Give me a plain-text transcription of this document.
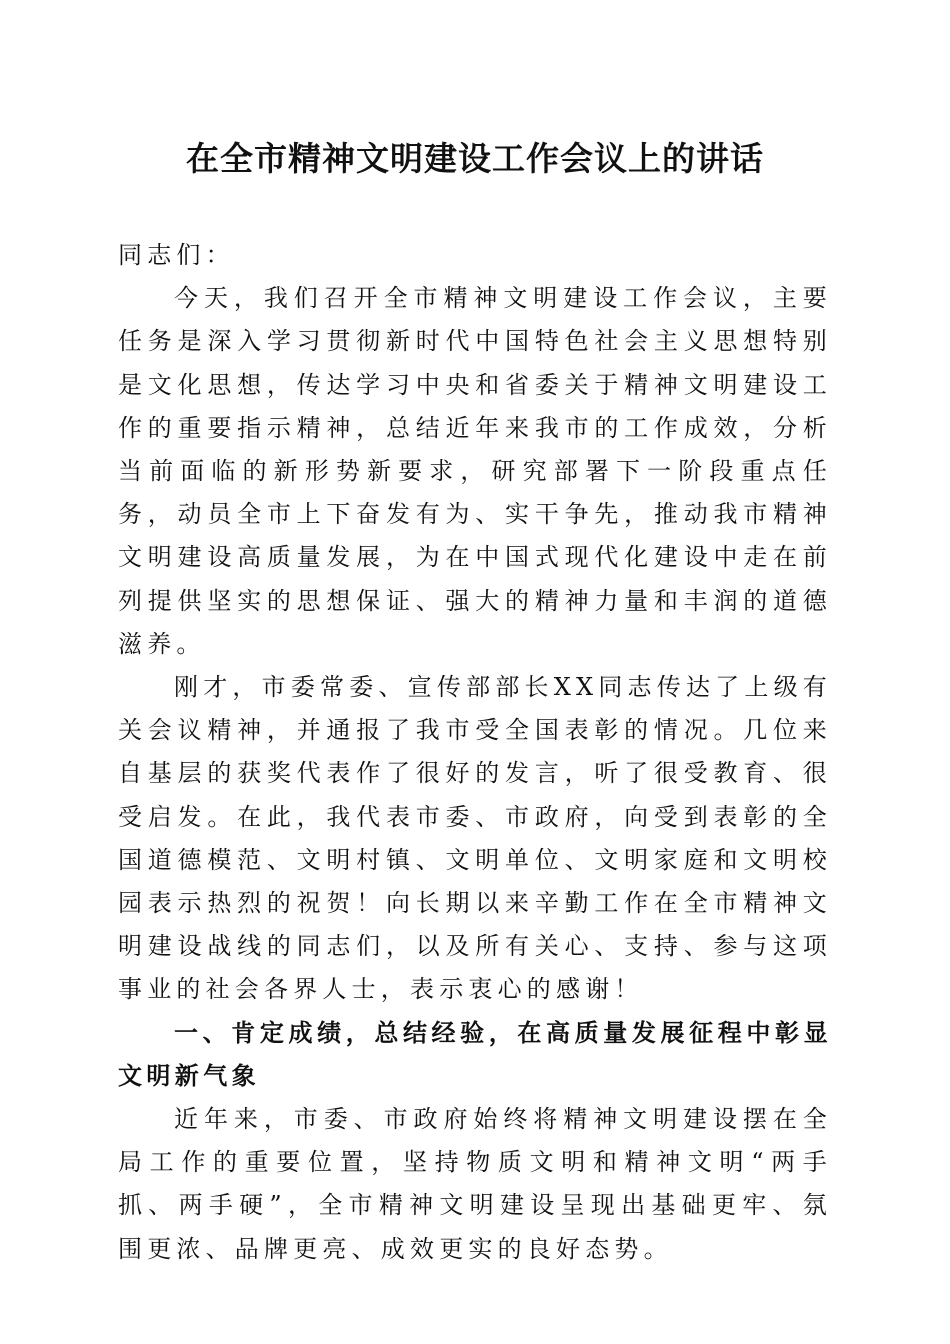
在全市精神文明建设工作会议上的讲话

同志们：

今天，我们召开全市精神文明建设工作会议，主要任务是深入学习贯彻新时代中国特色社会主义思想特别是文化思想，传达学习中央和省委关于精神文明建设工作的重要指示精神，总结近年来我市的工作成效，分析当前面临的新形势新要求，研究部署下一阶段重点任务，动员全市上下奋发有为、实干争先，推动我市精神文明建设高质量发展，为在中国式现代化建设中走在前列提供坚实的思想保证、强大的精神力量和丰润的道德滋养。

刚才，市委常委、宣传部部长XX同志传达了上级有关会议精神，并通报了我市受全国表彰的情况。几位来自基层的获奖代表作了很好的发言，听了很受教育、很受启发。在此，我代表市委、市政府，向受到表彰的全国道德模范、文明村镇、文明单位、文明家庭和文明校园表示热烈的祝贺！向长期以来辛勤工作在全市精神文明建设战线的同志们，以及所有关心、支持、参与这项事业的社会各界人士，表示衷心的感谢！

一、肯定成绩，总结经验，在高质量发展征程中彰显文明新气象

近年来，市委、市政府始终将精神文明建设摆在全局工作的重要位置，坚持物质文明和精神文明“两手抓、两手硬”，全市精神文明建设呈现出基础更牢、氛围更浓、品牌更亮、成效更实的良好态势。
